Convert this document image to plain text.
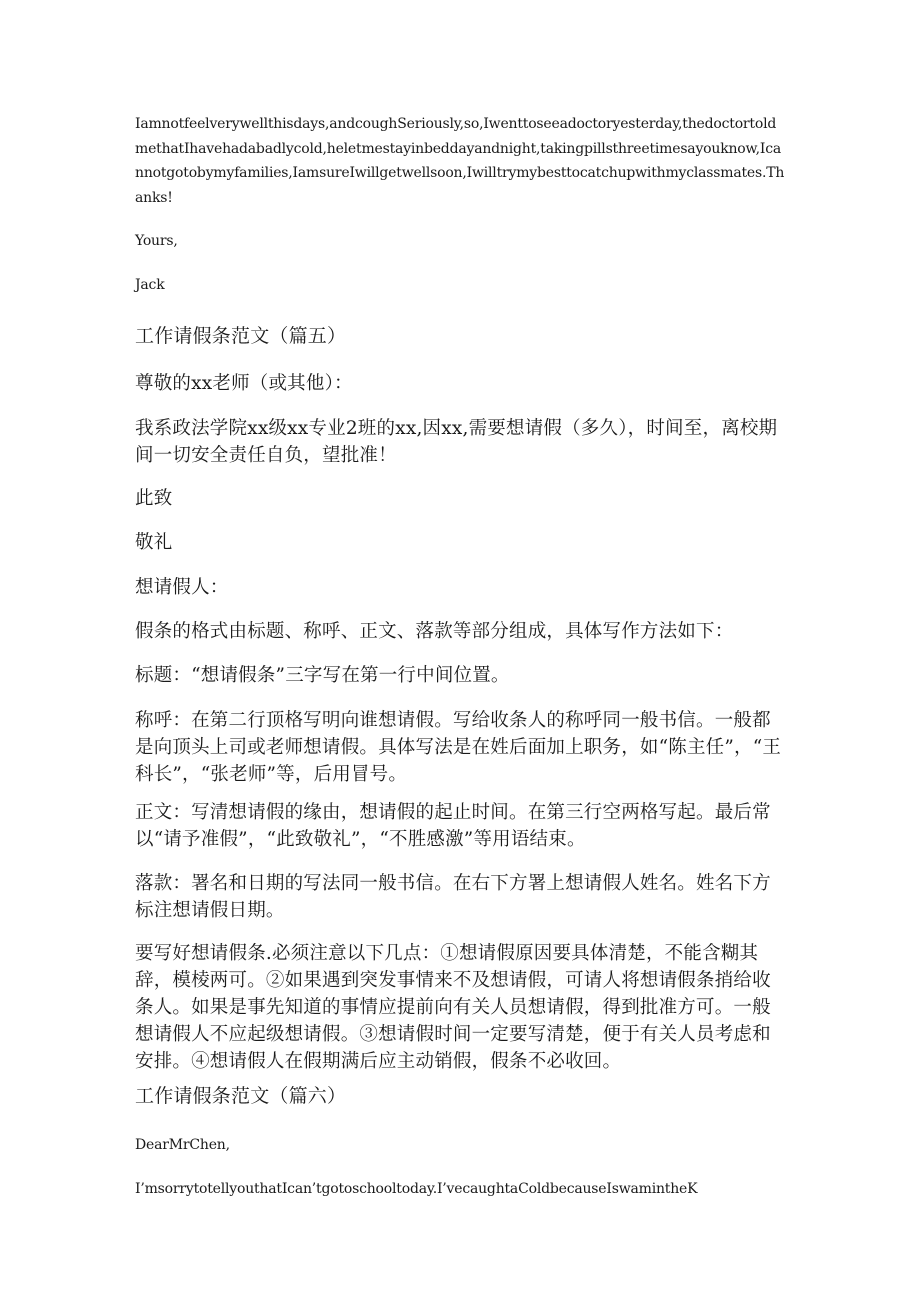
Iamnotfeelverywellthisdays,andcoughSeriously,so,Iwenttoseeadoctoryesterday,thedoctortoldmethatIhavehadabadlycold,heletmestayinbeddayandnight,takingpillsthreetimesayouknow,Icannotgotobymyfamilies,IamsureIwillgetwellsoon,Iwilltrymybesttocatchupwithmyclassmates.Thanks!

Yours,

Jack

工作请假条范文（篇五）

尊敬的xx老师（或其他）：

我系政法学院xx级xx专业2班的xx,因xx,需要想请假（多久），时间至，离校期间一切安全责任自负，望批准！

此致

敬礼

想请假人：

假条的格式由标题、称呼、正文、落款等部分组成，具体写作方法如下：

标题：“想请假条”三字写在第一行中间位置。

称呼：在第二行顶格写明向谁想请假。写给收条人的称呼同一般书信。一般都是向顶头上司或老师想请假。具体写法是在姓后面加上职务，如“陈主任”，“王科长”，“张老师”等，后用冒号。

正文：写清想请假的缘由，想请假的起止时间。在第三行空两格写起。最后常以“请予准假”，“此致敬礼”，“不胜感激”等用语结束。

落款：署名和日期的写法同一般书信。在右下方署上想请假人姓名。姓名下方标注想请假日期。

要写好想请假条.必须注意以下几点：①想请假原因要具体清楚，不能含糊其辞，模棱两可。②如果遇到突发事情来不及想请假，可请人将想请假条捎给收条人。如果是事先知道的事情应提前向有关人员想请假，得到批准方可。一般想请假人不应起级想请假。③想请假时间一定要写清楚，便于有关人员考虑和安排。④想请假人在假期满后应主动销假，假条不必收回。

工作请假条范文（篇六）

DearMrChen,

I’msorrytotellyouthatIcan’tgotoschooltoday.I’vecaughtaColdbecauseIswamintheK
